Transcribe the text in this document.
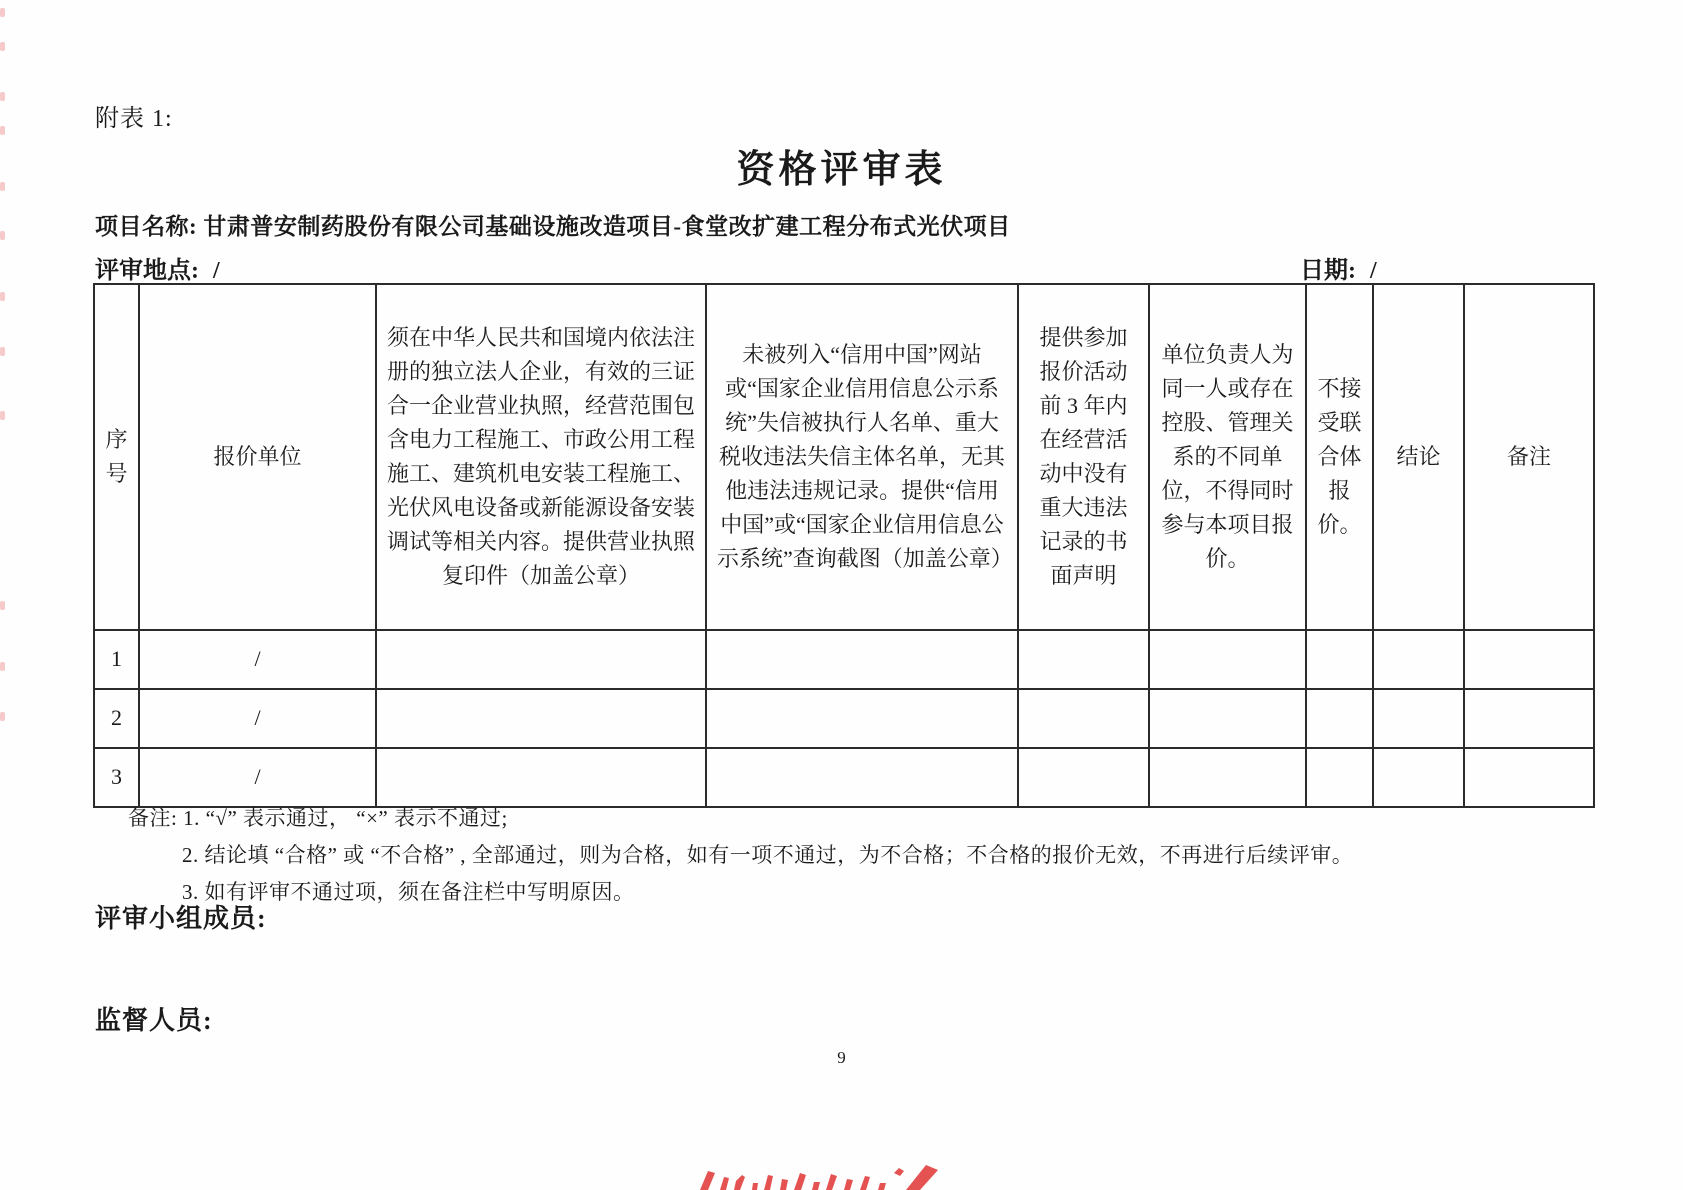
附表 1:
资格评审表
项目名称: 甘肃普安制药股份有限公司基础设施改造项目-食堂改扩建工程分布式光伏项目
评审地点: /	日期: /
序号	报价单位	须在中华人民共和国境内依法注册的独立法人企业，有效的三证合一企业营业执照，经营范围包含电力工程施工、市政公用工程施工、建筑机电安装工程施工、光伏风电设备或新能源设备安装调试等相关内容。提供营业执照复印件（加盖公章）	未被列入“信用中国”网站或“国家企业信用信息公示系统”失信被执行人名单、重大税收违法失信主体名单，无其他违法违规记录。提供“信用中国”或“国家企业信用信息公示系统”查询截图（加盖公章）	提供参加报价活动前 3 年内在经营活动中没有重大违法记录的书面声明	单位负责人为同一人或存在控股、管理关系的不同单位，不得同时参与本项目报价。	不接受联合体报价。	结论	备注
1	/							
2	/							
3	/							
备注: 1. “√” 表示通过， “×” 表示不通过;
2. 结论填 “合格” 或 “不合格” , 全部通过，则为合格，如有一项不通过，为不合格；不合格的报价无效，不再进行后续评审。
3. 如有评审不通过项，须在备注栏中写明原因。
评审小组成员:
监督人员:
9
